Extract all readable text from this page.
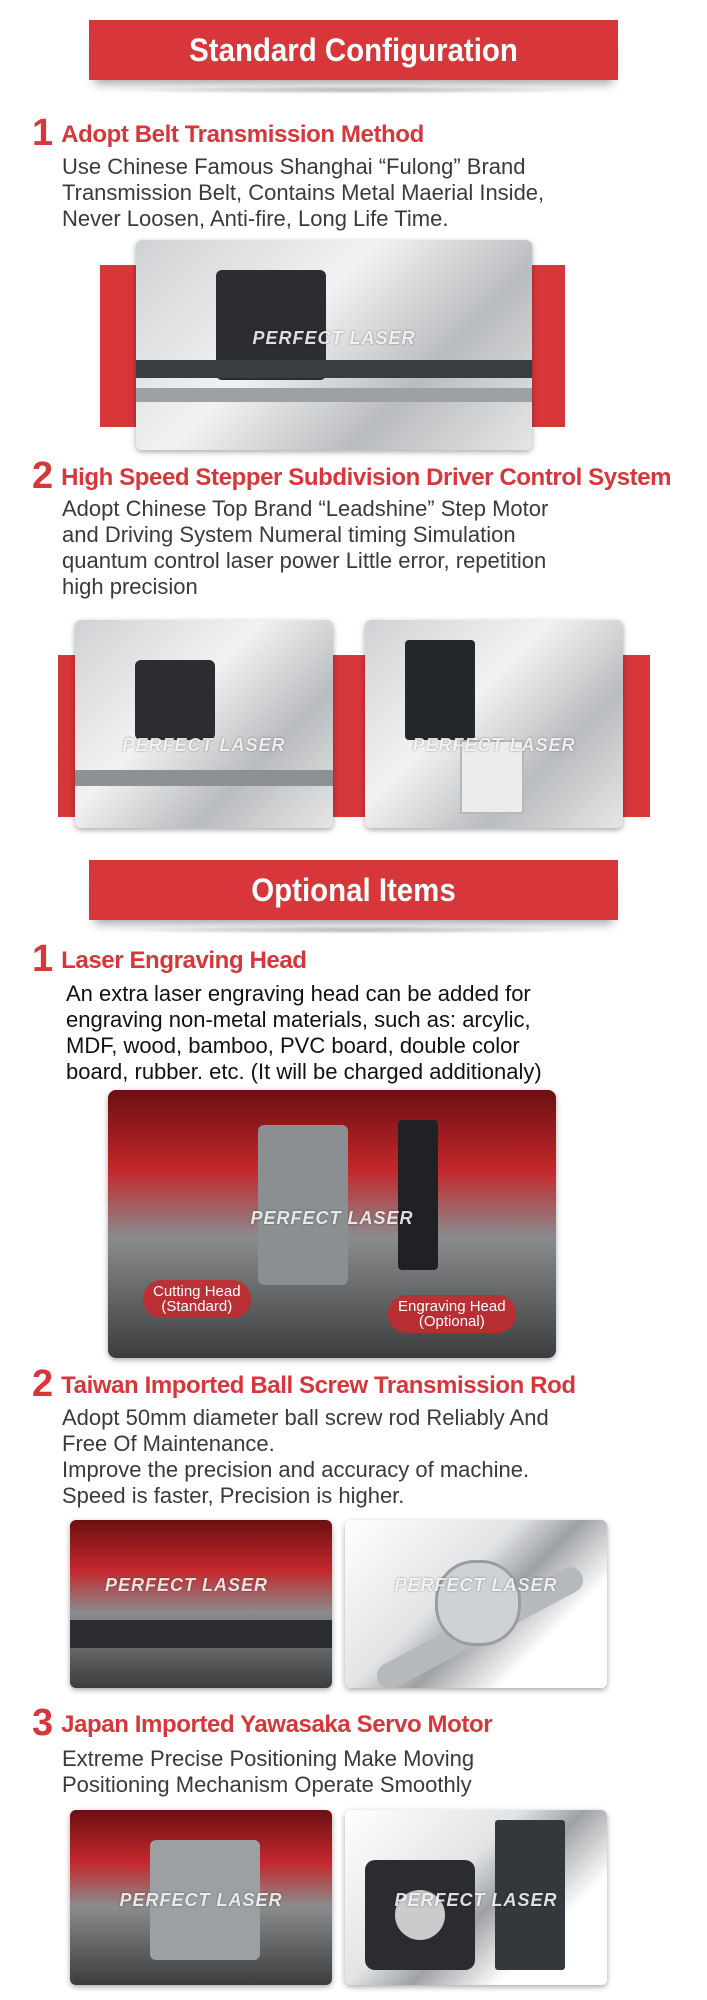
Standard Configuration
1 Adopt Belt Transmission Method

Use Chinese Famous Shanghai “Fulong” Brand

Transmission Belt, Contains Metal Maerial Inside,

Never Loosen, Anti-fire, Long Life Time.

PERFECT LASER
2 High Speed Stepper Subdivision Driver Control System

Adopt Chinese Top Brand “Leadshine” Step Motor

and Driving System Numeral timing Simulation

quantum control laser power Little error, repetition

high precision

PERFECT LASER	PERFECT LASER
Optional Items
1 Laser Engraving Head

An extra laser engraving head can be added for

engraving non-metal materials, such as: arcylic,

MDF, wood, bamboo, PVC board, double color

board, rubber. etc. (It will be charged additionaly)

PERFECT LASER
Cutting Head
(Standard)	Engraving Head
(Optional)
2 Taiwan Imported Ball Screw Transmission Rod

Adopt 50mm diameter ball screw rod Reliably And

Free Of Maintenance.

Improve the precision and accuracy of machine.

Speed is faster, Precision is higher.

PERFECT LASER	PERFECT LASER
3 Japan Imported Yawasaka Servo Motor

Extreme Precise Positioning Make Moving

Positioning Mechanism Operate Smoothly

PERFECT LASER	PERFECT LASER
